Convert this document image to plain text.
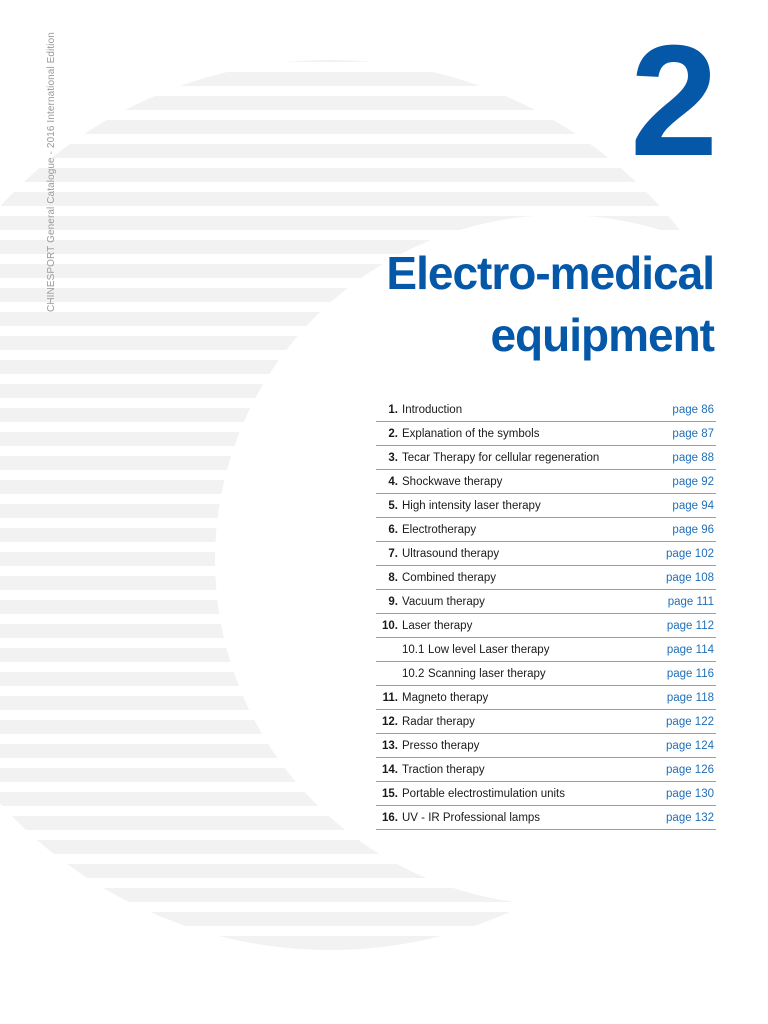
CHINESPORT General Catalogue - 2016 International Edition	2
Electro-medical
equipment
1. Introduction	page 86
2. Explanation of the symbols	page 87
3. Tecar Therapy for cellular regeneration	page 88
4. Shockwave therapy	page 92
5. High intensity laser therapy	page 94
6. Electrotherapy	page 96
7. Ultrasound therapy	page 102
8. Combined therapy	page 108
9. Vacuum therapy	page 111
10. Laser therapy	page 112
10.1 Low level Laser therapy	page 114
10.2 Scanning laser therapy	page 116
11. Magneto therapy	page 118
12. Radar therapy	page 122
13. Presso therapy	page 124
14. Traction therapy	page 126
15. Portable electrostimulation units	page 130
16. UV - IR Professional lamps	page 132
